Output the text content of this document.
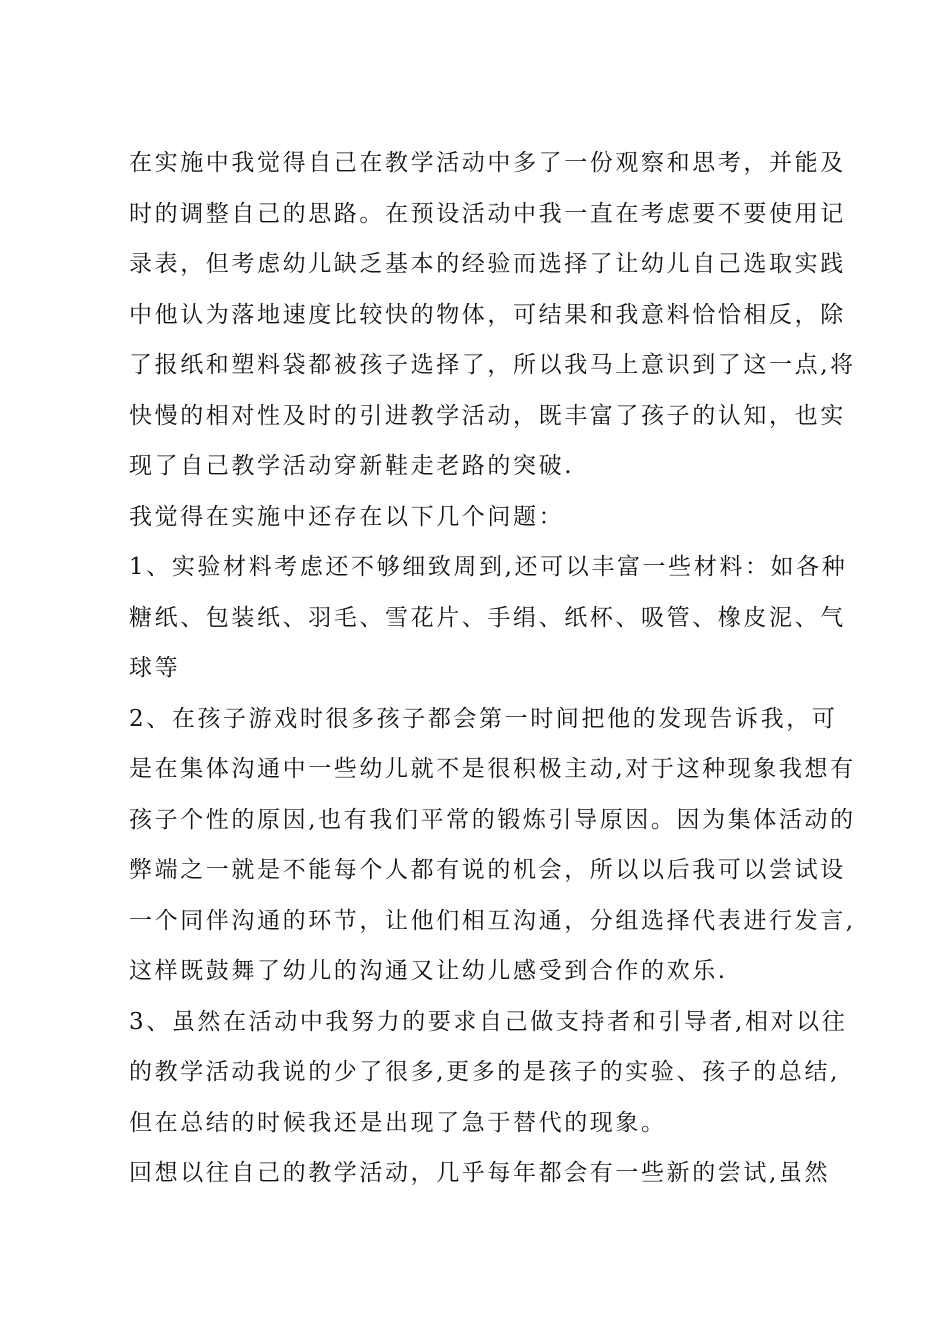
在实施中我觉得自己在教学活动中多了一份观察和思考，并能及时的调整自己的思路。在预设活动中我一直在考虑要不要使用记录表，但考虑幼儿缺乏基本的经验而选择了让幼儿自己选取实践中他认为落地速度比较快的物体，可结果和我意料恰恰相反，除了报纸和塑料袋都被孩子选择了，所以我马上意识到了这一点,将快慢的相对性及时的引进教学活动，既丰富了孩子的认知，也实现了自己教学活动穿新鞋走老路的突破.

我觉得在实施中还存在以下几个问题：

1、实验材料考虑还不够细致周到,还可以丰富一些材料：如各种糖纸、包装纸、羽毛、雪花片、手绢、纸杯、吸管、橡皮泥、气球等

2、在孩子游戏时很多孩子都会第一时间把他的发现告诉我，可是在集体沟通中一些幼儿就不是很积极主动,对于这种现象我想有孩子个性的原因,也有我们平常的锻炼引导原因。因为集体活动的弊端之一就是不能每个人都有说的机会，所以以后我可以尝试设一个同伴沟通的环节，让他们相互沟通，分组选择代表进行发言,这样既鼓舞了幼儿的沟通又让幼儿感受到合作的欢乐.

3、虽然在活动中我努力的要求自己做支持者和引导者,相对以往的教学活动我说的少了很多,更多的是孩子的实验、孩子的总结,但在总结的时候我还是出现了急于替代的现象。

回想以往自己的教学活动，几乎每年都会有一些新的尝试,虽然
